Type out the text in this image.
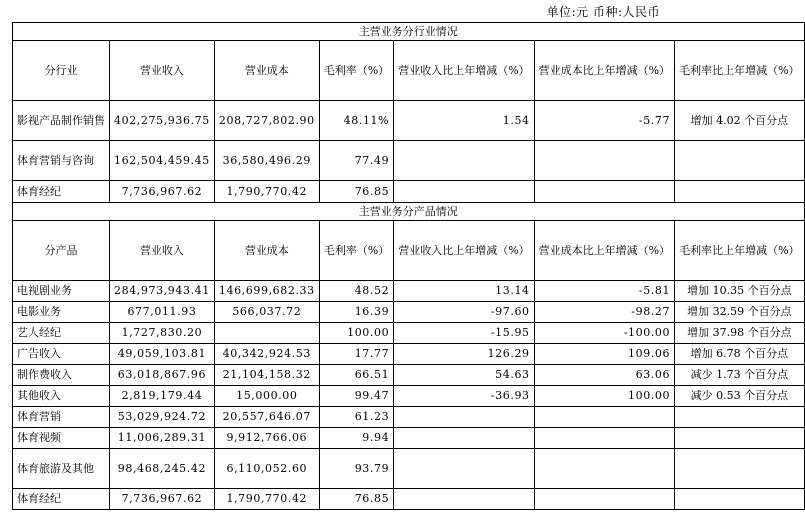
单位:元 币种:人民币
主营业务分行业情况						
分行业	营业收入	营业成本	毛利率（%）	营业收入比上年增减（%）	营业成本比上年增减（%）	毛利率比上年增减（%）
影视产品制作销售	402,275,936.75	208,727,802.90	48.11%	1.54	-5.77	增加 4.02 个百分点
体育营销与咨询	162,504,459.45	36,580,496.29	77.49			
体育经纪	7,736,967.62	1,790,770.42	76.85			
主营业务分产品情况						
分产品	营业收入	营业成本	毛利率（%）	营业收入比上年增减（%）	营业成本比上年增减（%）	毛利率比上年增减（%）
电视剧业务	284,973,943.41	146,699,682.33	48.52	13.14	-5.81	增加 10.35 个百分点
电影业务	677,011.93	566,037.72	16.39	-97.60	-98.27	增加 32.59 个百分点
艺人经纪	1,727,830.20		100.00	-15.95	-100.00	增加 37.98 个百分点
广告收入	49,059,103.81	40,342,924.53	17.77	126.29	109.06	增加 6.78 个百分点
制作费收入	63,018,867.96	21,104,158.32	66.51	54.63	63.06	减少 1.73 个百分点
其他收入	2,819,179.44	15,000.00	99.47	-36.93	100.00	减少 0.53 个百分点
体育营销	53,029,924.72	20,557,646.07	61.23			
体育视频	11,006,289.31	9,912,766.06	9.94			
体育旅游及其他	98,468,245.42	6,110,052.60	93.79			
体育经纪	7,736,967.62	1,790,770.42	76.85			
